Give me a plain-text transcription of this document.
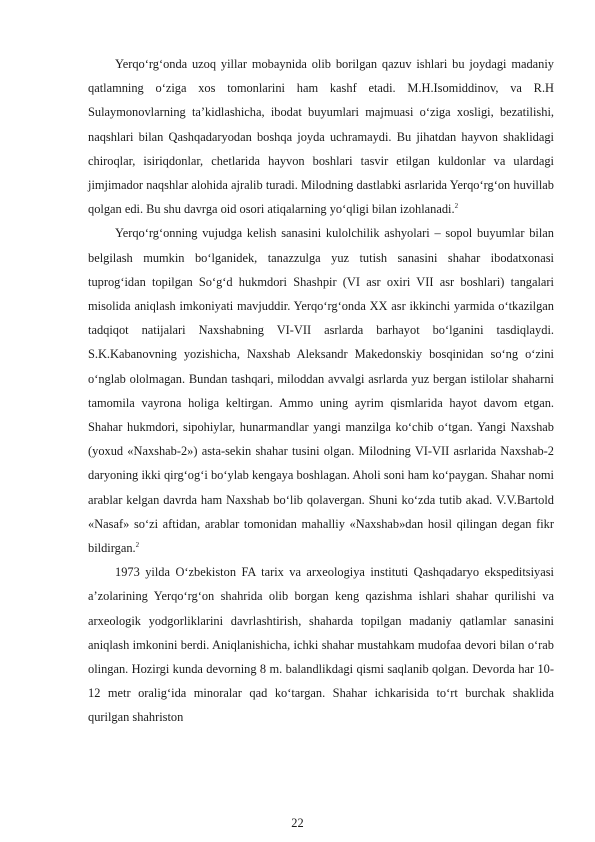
Yerqo‘rg‘onda uzoq yillar mobaynida olib borilgan qazuv ishlari bu joydagi madaniy qatlamning o‘ziga xos tomonlarini ham kashf etadi. M.H.Isomiddinov, va R.H Sulaymonovlarning ta’kidlashicha, ibodat buyumlari majmuasi o‘ziga xosligi, bezatilishi, naqshlari bilan Qashqadaryodan boshqa joyda uchramaydi. Bu jihatdan hayvon shaklidagi chiroqlar, isiriqdonlar, chetlarida hayvon boshlari tasvir etilgan kuldonlar va ulardagi jimjimador naqshlar alohida ajralib turadi. Milodning dastlabki asrlarida Yerqo‘rg‘on huvillab qolgan edi. Bu shu davrga oid osori atiqalarning yo‘qligi bilan izohlanadi.$^2$

Yerqo‘rg‘onning vujudga kelish sanasini kulolchilik ashyolari – sopol buyumlar bilan belgilash mumkin bo‘lganidek, tanazzulga yuz tutish sanasini shahar ibodatxonasi tuprog‘idan topilgan So‘g‘d hukmdori Shashpir (VI asr oxiri VII asr boshlari) tangalari misolida aniqlash imkoniyati mavjuddir. Yerqo‘rg‘onda XX asr ikkinchi yarmida o‘tkazilgan tadqiqot natijalari Naxshabning VI-VII asrlarda barhayot bo‘lganini tasdiqlaydi. S.K.Kabanovning yozishicha, Naxshab Aleksandr Makedonskiy bosqinidan so‘ng o‘zini o‘nglab ololmagan. Bundan tashqari, miloddan avvalgi asrlarda yuz bergan istilolar shaharni tamomila vayrona holiga keltirgan. Ammo uning ayrim qismlarida hayot davom etgan. Shahar hukmdori, sipohiylar, hunarmandlar yangi manzilga ko‘chib o‘tgan. Yangi Naxshab (yoxud «Naxshab-2») asta-sekin shahar tusini olgan. Milodning VI-VII asrlarida Naxshab-2 daryoning ikki qirg‘og‘i bo‘ylab kengaya boshlagan. Aholi soni ham ko‘paygan. Shahar nomi arablar kelgan davrda ham Naxshab bo‘lib qolavergan. Shuni ko‘zda tutib akad. V.V.Bartold «Nasaf» so‘zi aftidan, arablar tomonidan mahalliy «Naxshab»dan hosil qilingan degan fikr bildirgan.$^2$

1973 yilda O‘zbekiston FA tarix va arxeologiya instituti Qashqadaryo ekspeditsiyasi a’zolarining Yerqo‘rg‘on shahrida olib borgan keng qazishma ishlari shahar qurilishi va arxeologik yodgorliklarini davrlashtirish, shaharda topilgan madaniy qatlamlar sanasini aniqlash imkonini berdi. Aniqlanishicha, ichki shahar mustahkam mudofaa devori bilan o‘rab olingan. Hozirgi kunda devorning 8 m. balandlikdagi qismi saqlanib qolgan. Devorda har 10-12 metr oralig‘ida minoralar qad ko‘targan. Shahar ichkarisida to‘rt burchak shaklida qurilgan shahriston

22
